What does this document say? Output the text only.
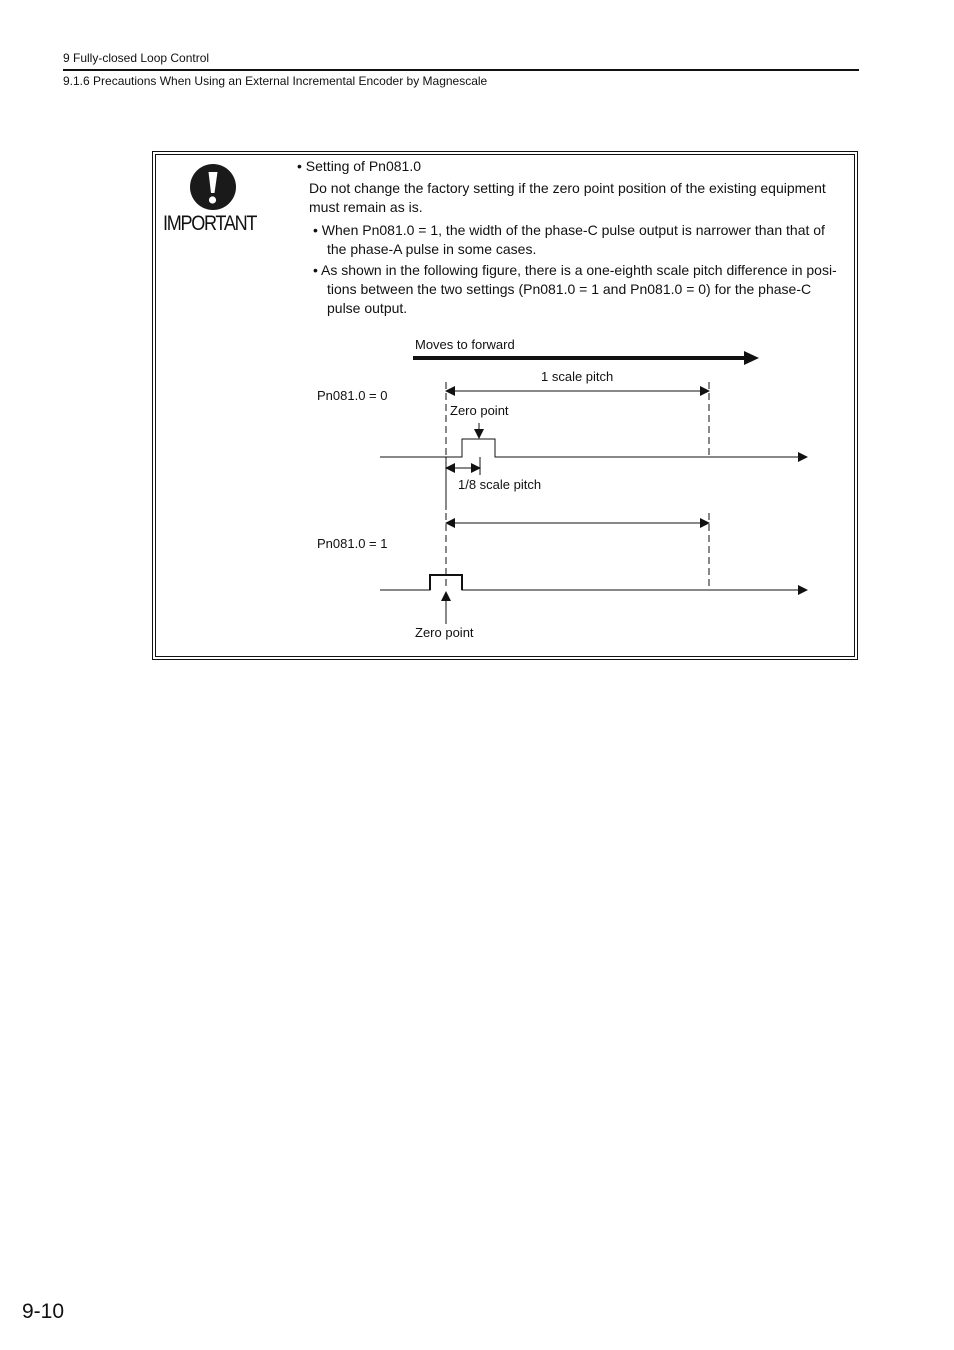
9 Fully-closed Loop Control
9.1.6 Precautions When Using an External Incremental Encoder by Magnescale
IMPORTANT
• Setting of Pn081.0
Do not change the factory setting if the zero point position of the existing equipment
must remain as is.
• When Pn081.0 = 1, the width of the phase-C pulse output is narrower than that of
the phase-A pulse in some cases.
• As shown in the following figure, there is a one-eighth scale pitch difference in posi-
tions between the two settings (Pn081.0 = 1 and Pn081.0 = 0) for the phase-C
pulse output.
Moves to forward
Pn081.0 = 0
1 scale pitch
Zero point
1/8 scale pitch
Pn081.0 = 1
Zero point
9-10
